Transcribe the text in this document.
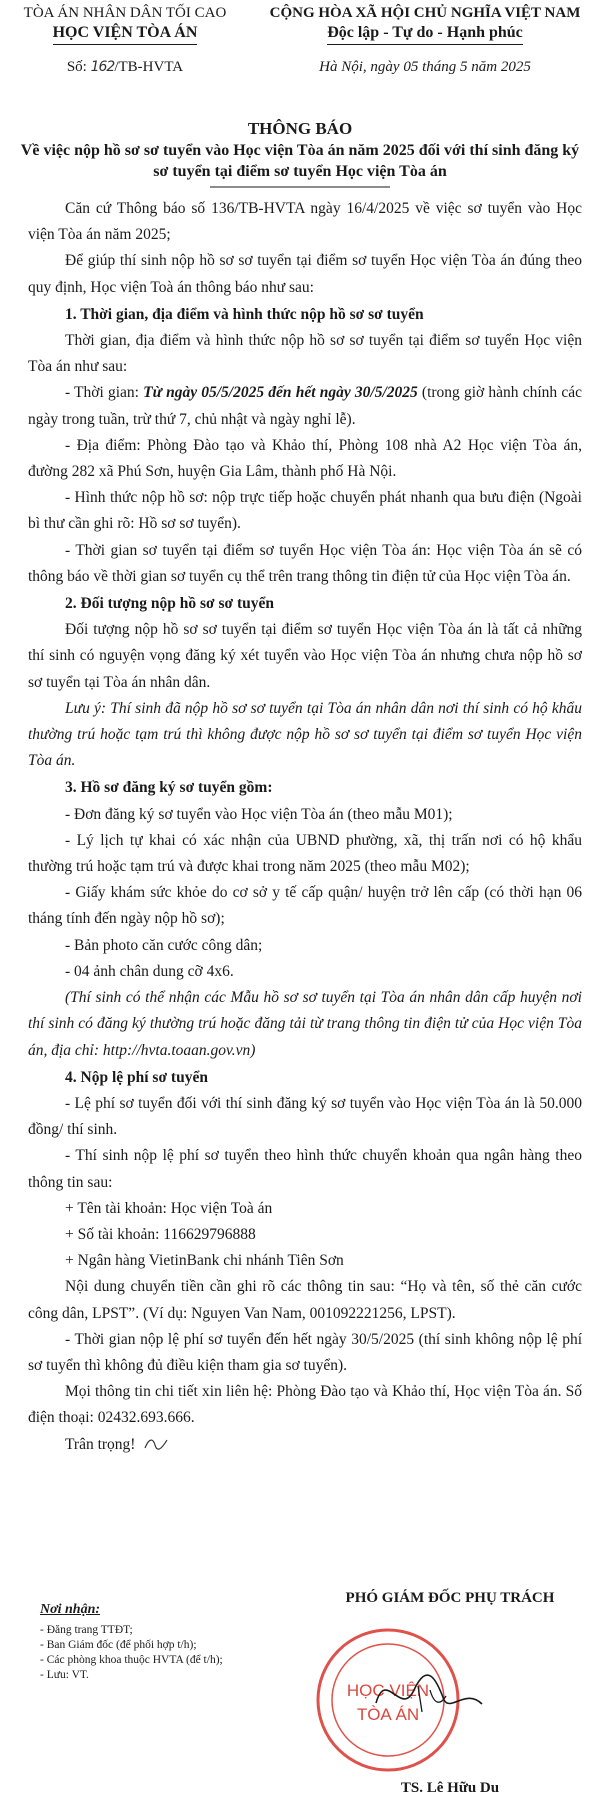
TÒA ÁN NHÂN DÂN TỐI CAO
HỌC VIỆN TÒA ÁN
Số: 162/TB-HVTA
CỘNG HÒA XÃ HỘI CHỦ NGHĨA VIỆT NAM
Độc lập - Tự do - Hạnh phúc
Hà Nội, ngày 05 tháng 5 năm 2025
THÔNG BÁO
Về việc nộp hồ sơ sơ tuyển vào Học viện Tòa án năm 2025 đối với thí sinh đăng ký sơ tuyển tại điểm sơ tuyển Học viện Tòa án

Căn cứ Thông báo số 136/TB-HVTA ngày 16/4/2025 về việc sơ tuyển vào Học viện Tòa án năm 2025;

Để giúp thí sinh nộp hồ sơ sơ tuyển tại điểm sơ tuyển Học viện Tòa án đúng theo quy định, Học viện Toà án thông báo như sau:

1. Thời gian, địa điểm và hình thức nộp hồ sơ sơ tuyển

Thời gian, địa điểm và hình thức nộp hồ sơ sơ tuyển tại điểm sơ tuyển Học viện Tòa án như sau:

- Thời gian: Từ ngày 05/5/2025 đến hết ngày 30/5/2025 (trong giờ hành chính các ngày trong tuần, trừ thứ 7, chủ nhật và ngày nghỉ lễ).

- Địa điểm: Phòng Đào tạo và Khảo thí, Phòng 108 nhà A2 Học viện Tòa án, đường 282 xã Phú Sơn, huyện Gia Lâm, thành phố Hà Nội.

- Hình thức nộp hồ sơ: nộp trực tiếp hoặc chuyển phát nhanh qua bưu điện (Ngoài bì thư cần ghi rõ: Hồ sơ sơ tuyển).

- Thời gian sơ tuyển tại điểm sơ tuyển Học viện Tòa án: Học viện Tòa án sẽ có thông báo về thời gian sơ tuyển cụ thể trên trang thông tin điện tử của Học viện Tòa án.

2. Đối tượng nộp hồ sơ sơ tuyển

Đối tượng nộp hồ sơ sơ tuyển tại điểm sơ tuyển Học viện Tòa án là tất cả những thí sinh có nguyện vọng đăng ký xét tuyển vào Học viện Tòa án nhưng chưa nộp hồ sơ sơ tuyển tại Tòa án nhân dân.

Lưu ý: Thí sinh đã nộp hồ sơ sơ tuyển tại Tòa án nhân dân nơi thí sinh có hộ khẩu thường trú hoặc tạm trú thì không được nộp hồ sơ sơ tuyển tại điểm sơ tuyển Học viện Tòa án.

3. Hồ sơ đăng ký sơ tuyển gồm:

- Đơn đăng ký sơ tuyển vào Học viện Tòa án (theo mẫu M01);

- Lý lịch tự khai có xác nhận của UBND phường, xã, thị trấn nơi có hộ khẩu thường trú hoặc tạm trú và được khai trong năm 2025 (theo mẫu M02);

- Giấy khám sức khỏe do cơ sở y tế cấp quận/ huyện trở lên cấp (có thời hạn 06 tháng tính đến ngày nộp hồ sơ);

- Bản photo căn cước công dân;

- 04 ảnh chân dung cỡ 4x6.

(Thí sinh có thể nhận các Mẫu hồ sơ sơ tuyển tại Tòa án nhân dân cấp huyện nơi thí sinh có đăng ký thường trú hoặc đăng tải từ trang thông tin điện tử của Học viện Tòa án, địa chỉ: http://hvta.toaan.gov.vn)

4. Nộp lệ phí sơ tuyển

- Lệ phí sơ tuyển đối với thí sinh đăng ký sơ tuyển vào Học viện Tòa án là 50.000 đồng/ thí sinh.

- Thí sinh nộp lệ phí sơ tuyển theo hình thức chuyển khoản qua ngân hàng theo thông tin sau:

+ Tên tài khoản: Học viện Toà án

+ Số tài khoản: 116629796888

+ Ngân hàng VietinBank chi nhánh Tiên Sơn

Nội dung chuyển tiền cần ghi rõ các thông tin sau: “Họ và tên, số thẻ căn cước công dân, LPST”. (Ví dụ: Nguyen Van Nam, 001092221256, LPST).

- Thời gian nộp lệ phí sơ tuyển đến hết ngày 30/5/2025 (thí sinh không nộp lệ phí sơ tuyển thì không đủ điều kiện tham gia sơ tuyển).

Mọi thông tin chi tiết xin liên hệ: Phòng Đào tạo và Khảo thí, Học viện Tòa án. Số điện thoại: 02432.693.666.

Trân trọng!

Nơi nhận:
- Đăng trang TTĐT;
- Ban Giám đốc (để phối hợp t/h);
- Các phòng khoa thuộc HVTA (để t/h);
- Lưu: VT.
PHÓ GIÁM ĐỐC PHỤ TRÁCH
HỌC VIỆN
TÒA ÁN
TS. Lê Hữu Du
